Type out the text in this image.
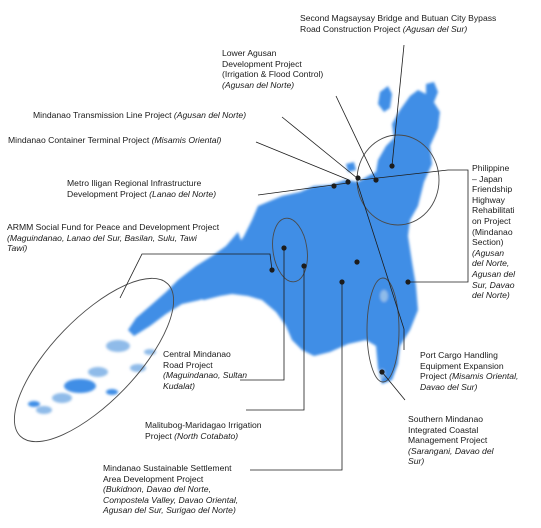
Second Magsaysay Bridge and Butuan City Bypass
Road Construction Project (Agusan del Sur)
Lower Agusan
Development Project
(Irrigation & Flood Control)
(Agusan del Norte)
Mindanao Transmission Line Project (Agusan del Norte)
Mindanao Container Terminal Project (Misamis Oriental)
Metro Iligan Regional Infrastructure
Development Project (Lanao del Norte)
ARMM Social Fund for Peace and Development Project
(Maguindanao, Lanao del Sur, Basilan, Sulu, Tawi
Tawi)
Philippine
– Japan
Friendship
Highway
Rehabilitati
on Project
(Mindanao
Section)
(Agusan
del Norte,
Agusan del
Sur, Davao
del Norte)
Central Mindanao
Road Project
(Maguindanao, Sultan
Kudalat)
Port Cargo Handling
Equipment Expansion
Project (Misamis Oriental,
Davao del Sur)
Malitubog-Maridagao Irrigation
Project (North Cotabato)
Southern Mindanao
Integrated Coastal
Management Project
(Sarangani, Davao del
Sur)
Mindanao Sustainable Settlement
Area Development Project
(Bukidnon, Davao del Norte,
Compostela Valley, Davao Oriental,
Agusan del Sur, Surigao del Norte)
